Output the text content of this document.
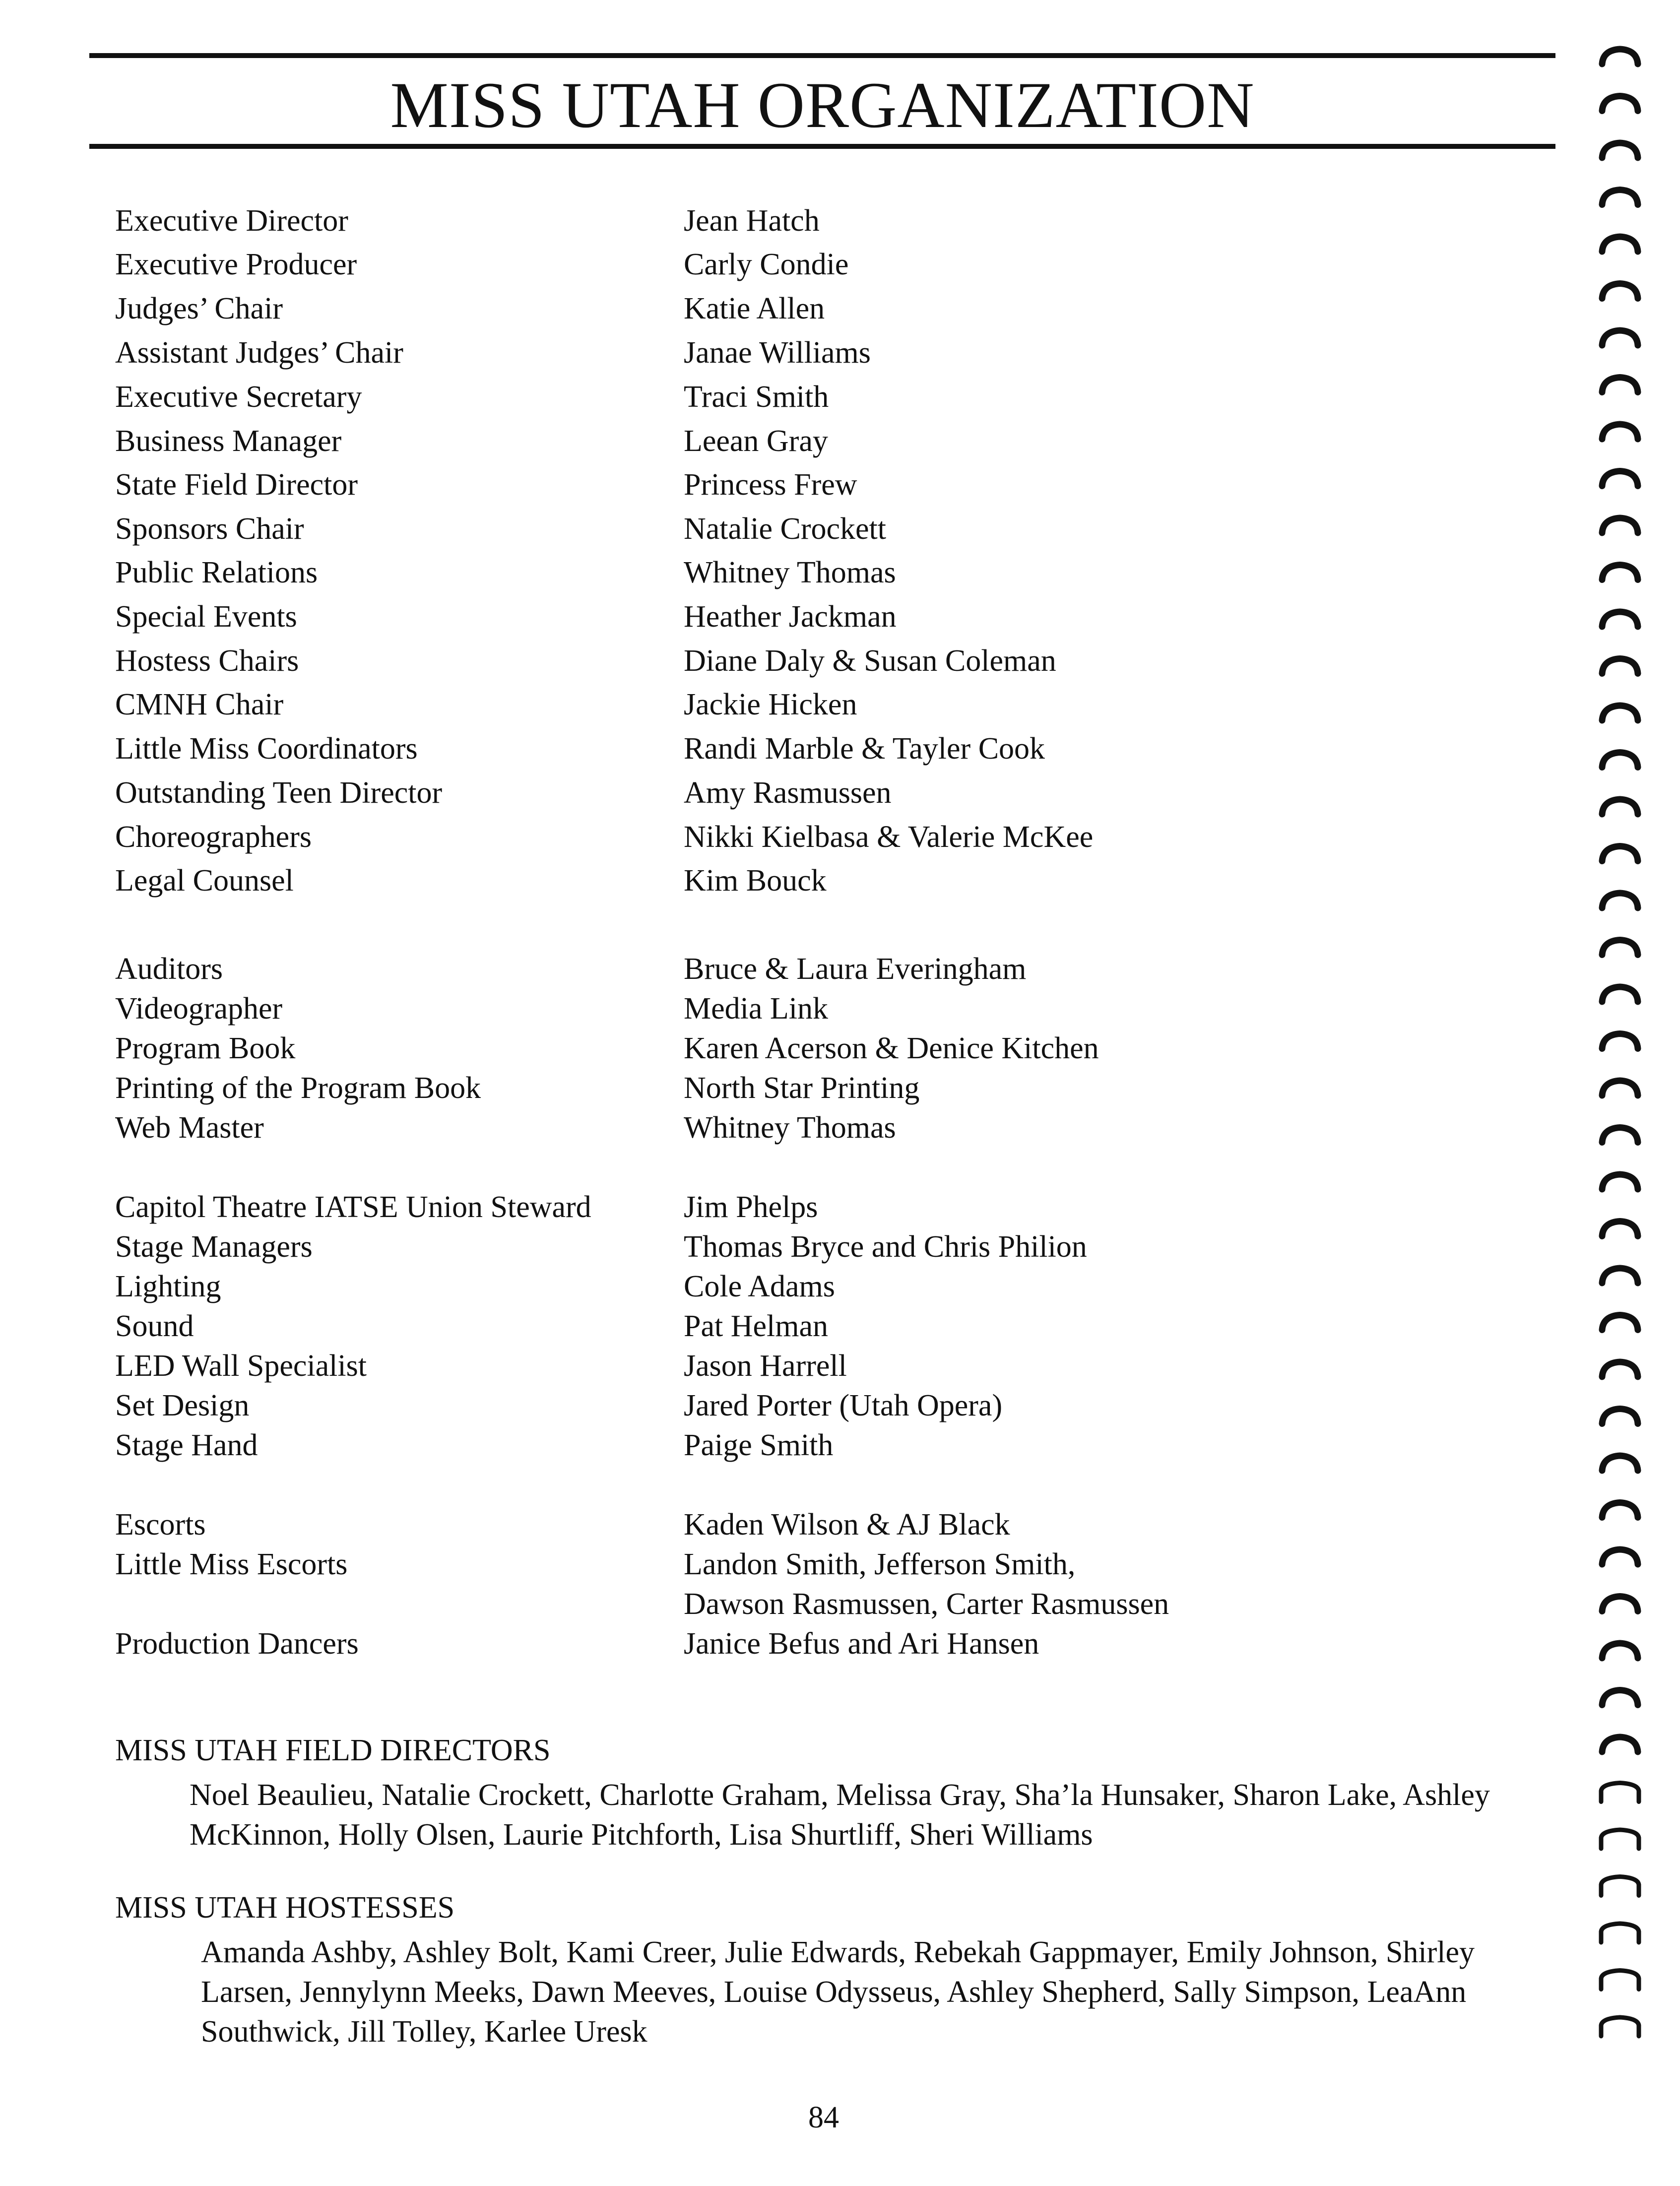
MISS UTAH ORGANIZATION
Executive Director	Jean Hatch
Executive Producer	Carly Condie
Judges’ Chair	Katie Allen
Assistant Judges’ Chair	Janae Williams
Executive Secretary	Traci Smith
Business Manager	Leean Gray
State Field Director	Princess Frew
Sponsors Chair	Natalie Crockett
Public Relations	Whitney Thomas
Special Events	Heather Jackman
Hostess Chairs	Diane Daly & Susan Coleman
CMNH Chair	Jackie Hicken
Little Miss Coordinators	Randi Marble & Tayler Cook
Outstanding Teen Director	Amy Rasmussen
Choreographers	Nikki Kielbasa & Valerie McKee
Legal Counsel	Kim Bouck
Auditors	Bruce & Laura Everingham
Videographer	Media Link
Program Book	Karen Acerson & Denice Kitchen
Printing of the Program Book	North Star Printing
Web Master	Whitney Thomas
Capitol Theatre IATSE Union Steward	Jim Phelps
Stage Managers	Thomas Bryce and Chris Philion
Lighting	Cole Adams
Sound	Pat Helman
LED Wall Specialist	Jason Harrell
Set Design	Jared Porter (Utah Opera)
Stage Hand	Paige Smith
Escorts	Kaden Wilson & AJ Black
Little Miss Escorts	Landon Smith, Jefferson Smith,
Dawson Rasmussen, Carter Rasmussen
Production Dancers	Janice Befus and Ari Hansen
MISS UTAH FIELD DIRECTORS
Noel Beaulieu, Natalie Crockett, Charlotte Graham, Melissa Gray, Sha’la Hunsaker, Sharon Lake, Ashley McKinnon, Holly Olsen, Laurie Pitchforth, Lisa Shurtliff, Sheri Williams
MISS UTAH HOSTESSES
Amanda Ashby, Ashley Bolt, Kami Creer, Julie Edwards, Rebekah Gappmayer, Emily Johnson, Shirley Larsen, Jennylynn Meeks, Dawn Meeves, Louise Odysseus, Ashley Shepherd, Sally Simpson, LeaAnn Southwick, Jill Tolley, Karlee Uresk
84
